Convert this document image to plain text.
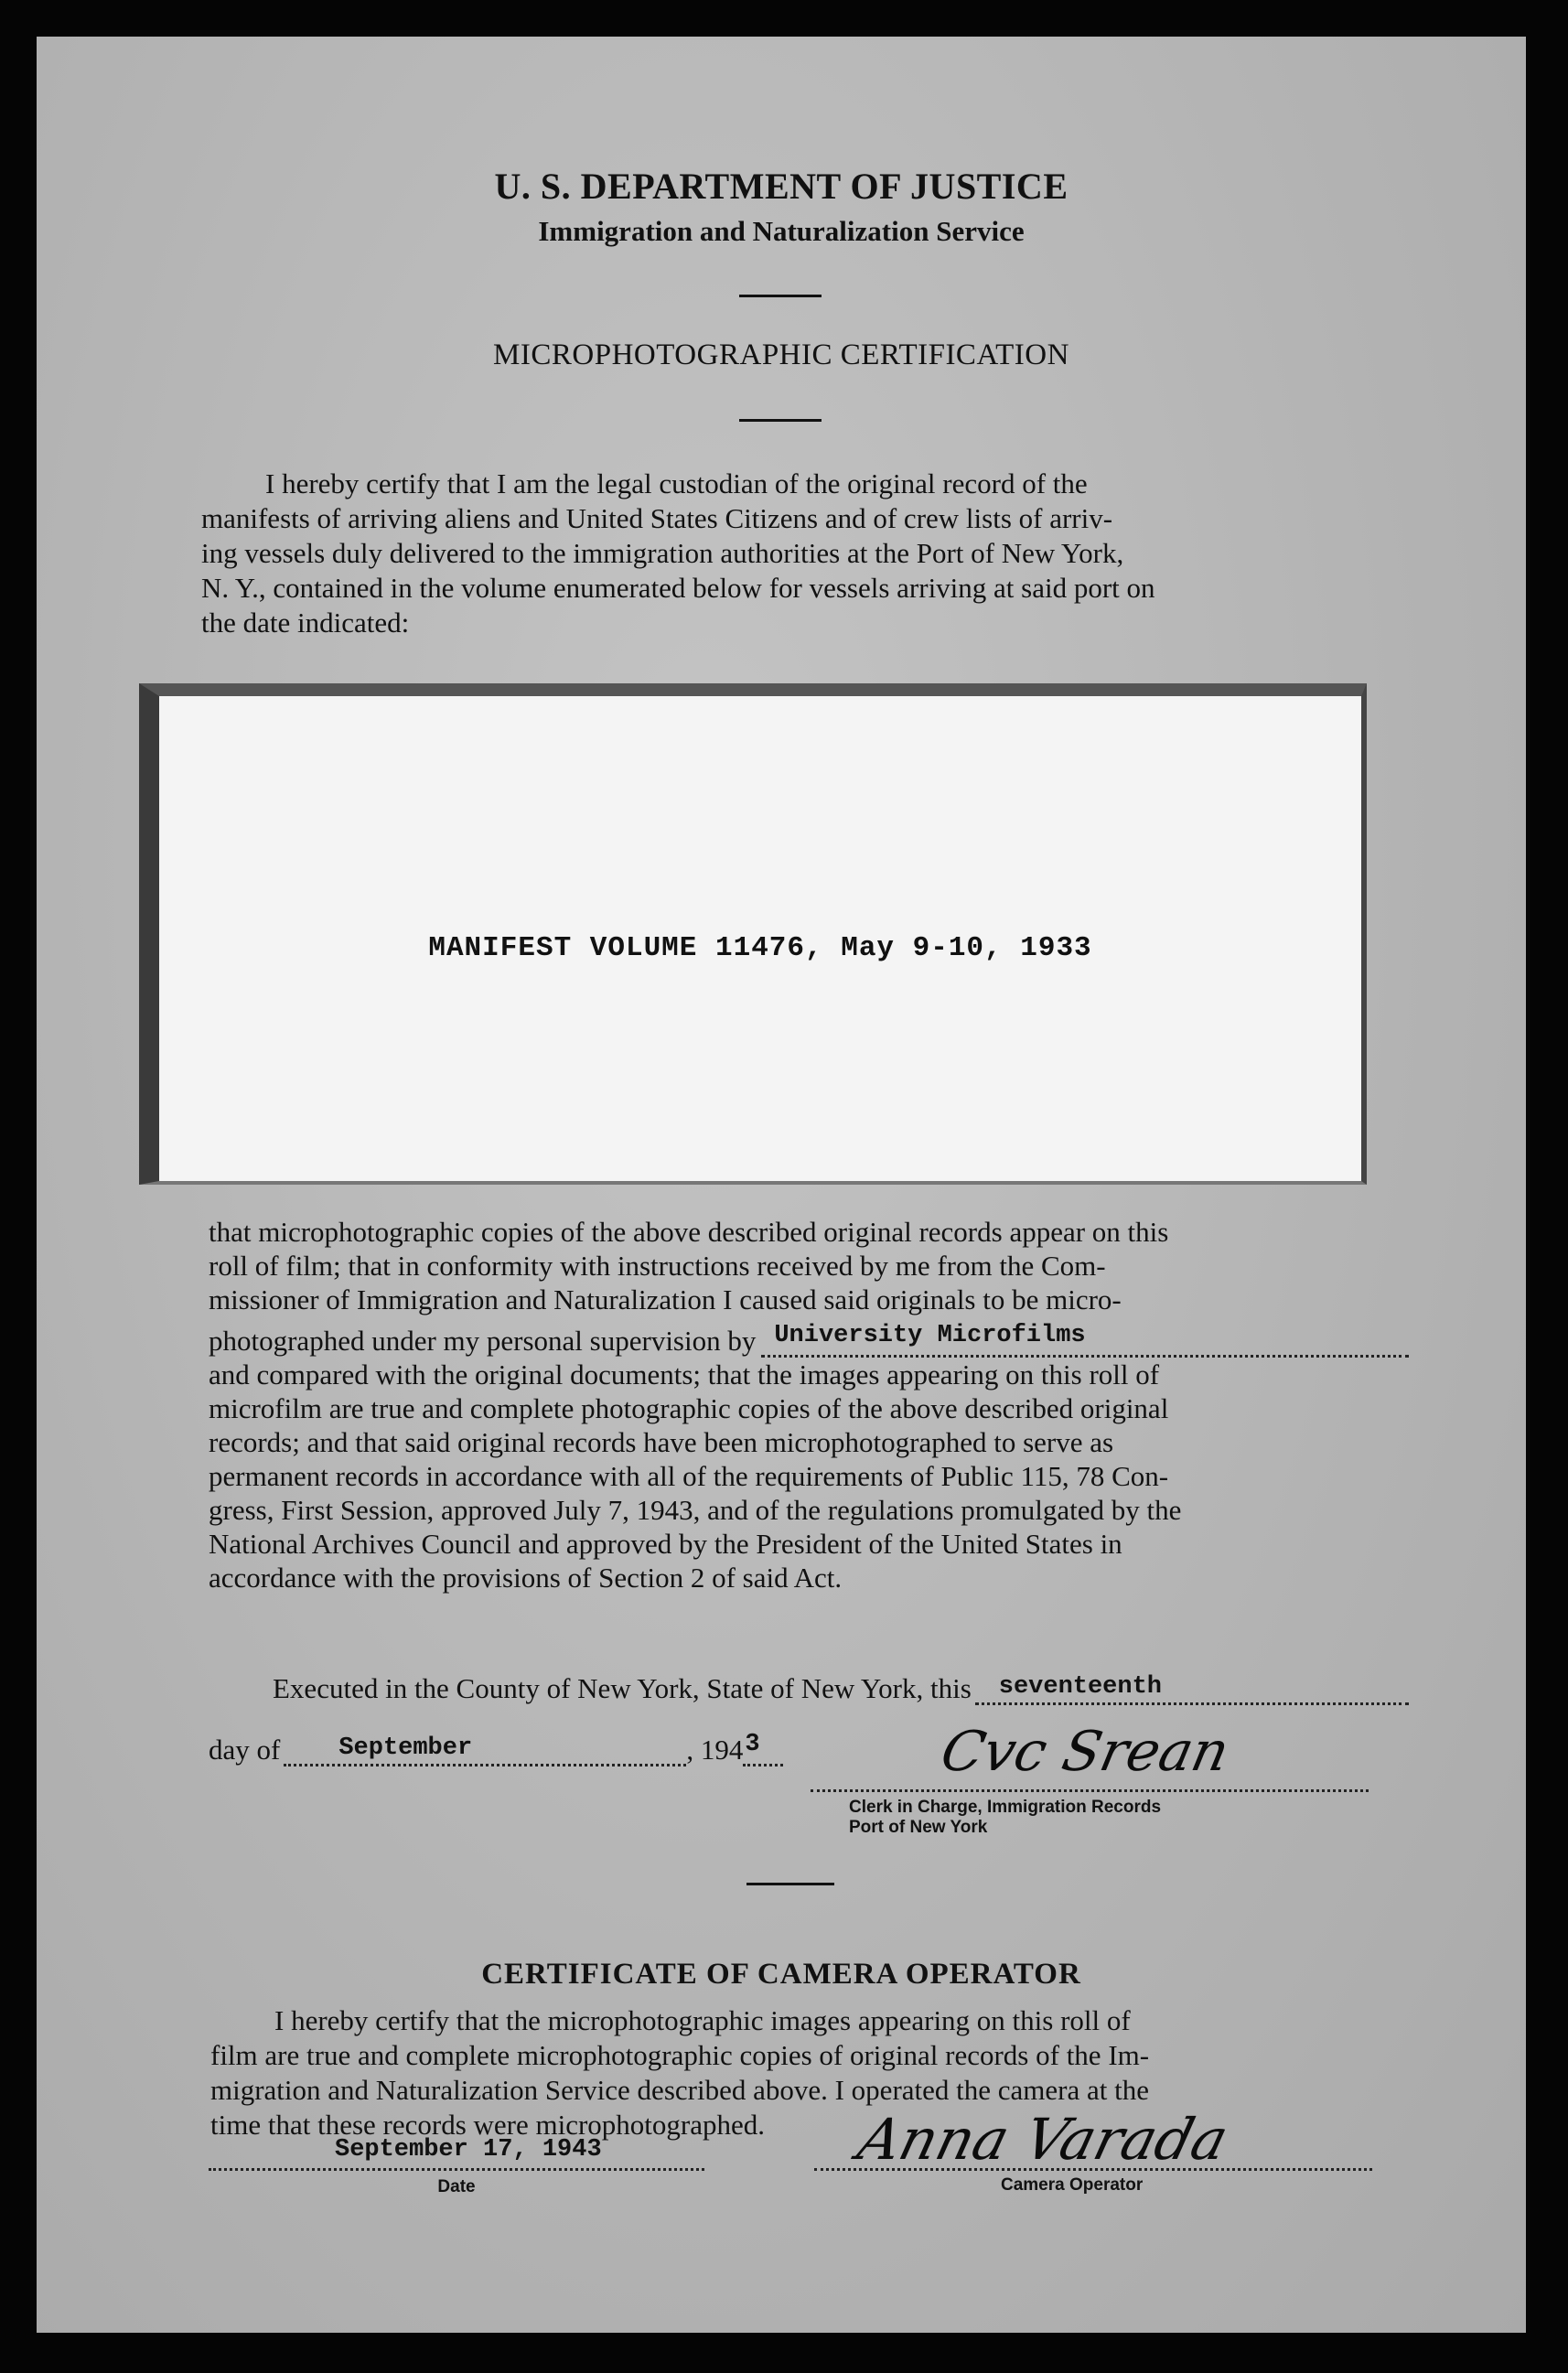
U. S. DEPARTMENT OF JUSTICE
Immigration and Naturalization Service
MICROPHOTOGRAPHIC CERTIFICATION
I hereby certify that I am the legal custodian of the original record of the
manifests of arriving aliens and United States Citizens and of crew lists of arriv-
ing vessels duly delivered to the immigration authorities at the Port of New York,
N. Y., contained in the volume enumerated below for vessels arriving at said port on
the date indicated:
MANIFEST VOLUME 11476, May 9-10, 1933
that microphotographic copies of the above described original records appear on this
roll of film; that in conformity with instructions received by me from the Com-
missioner of Immigration and Naturalization I caused said originals to be micro-
photographed under my personal supervision by University Microfilms
and compared with the original documents; that the images appearing on this roll of
microfilm are true and complete photographic copies of the above described original
records; and that said original records have been microphotographed to serve as
permanent records in accordance with all of the requirements of Public 115, 78 Con-
gress, First Session, approved July 7, 1943, and of the regulations promulgated by the
National Archives Council and approved by the President of the United States in
accordance with the provisions of Section 2 of said Act.
Executed in the County of New York, State of New York, this seventeenth
day of September	, 194 3	Cvc Srean
Clerk in Charge, Immigration Records
Port of New York
CERTIFICATE OF CAMERA OPERATOR
I hereby certify that the microphotographic images appearing on this roll of
film are true and complete microphotographic copies of original records of the Im-
migration and Naturalization Service described above. I operated the camera at the
time that these records were microphotographed.
September 17, 1943
Date
Anna Varada
Camera Operator
